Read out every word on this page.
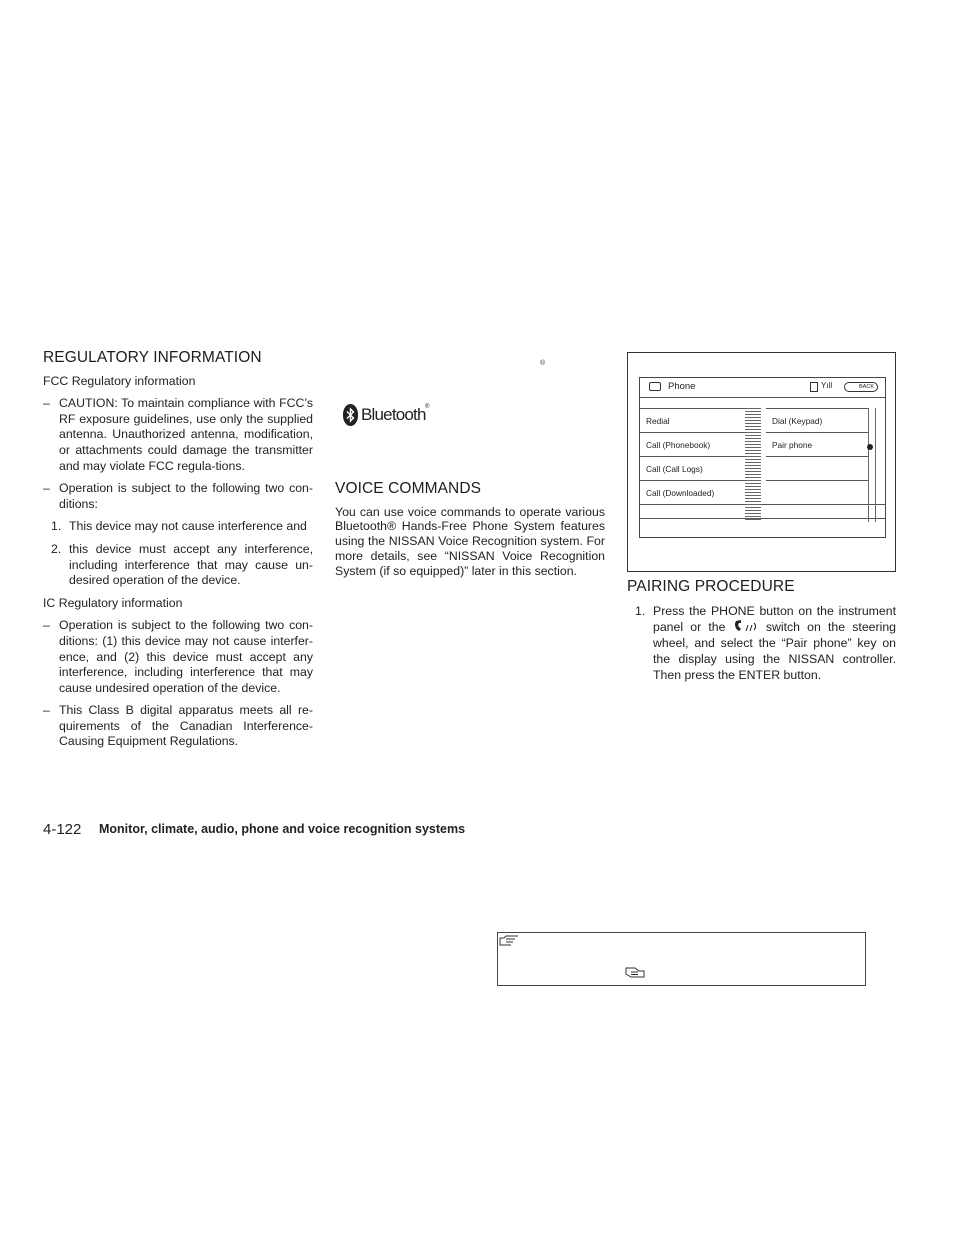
REGULATORY INFORMATION

FCC Regulatory information

– CAUTION: To maintain compliance with FCC’s RF exposure guidelines, use only the supplied antenna. Unauthorized antenna, modification, or attachments could damage the transmitter and may violate FCC regula-tions.
– Operation is subject to the following two con-ditions:
1. This device may not cause interference and
2. this device must accept any interference, including interference that may cause un-desired operation of the device.

IC Regulatory information

– Operation is subject to the following two con-ditions: (1) this device may not cause interfer-ence, and (2) this device must accept any interference, including interference that may cause undesired operation of the device.
– This Class B digital apparatus meets all re-quirements of the Canadian Interference-Causing Equipment Regulations.
®
Bluetooth ®

VOICE COMMANDS

You can use voice commands to operate various Bluetooth® Hands-Free Phone System features using the NISSAN Voice Recognition system. For more details, see “NISSAN Voice Recognition System (if so equipped)” later in this section.

Phone	Yıll	BACK
Redial
Call (Phonebook)
Call (Call Logs)
Call (Downloaded)
Dial (Keypad)
Pair phone

PAIRING PROCEDURE

1. Press the PHONE button on the instrument panel or the	switch on the steering wheel, and select the “Pair phone” key on the display using the NISSAN controller. Then press the ENTER button.
4-122 Monitor, climate, audio, phone and voice recognition systems
